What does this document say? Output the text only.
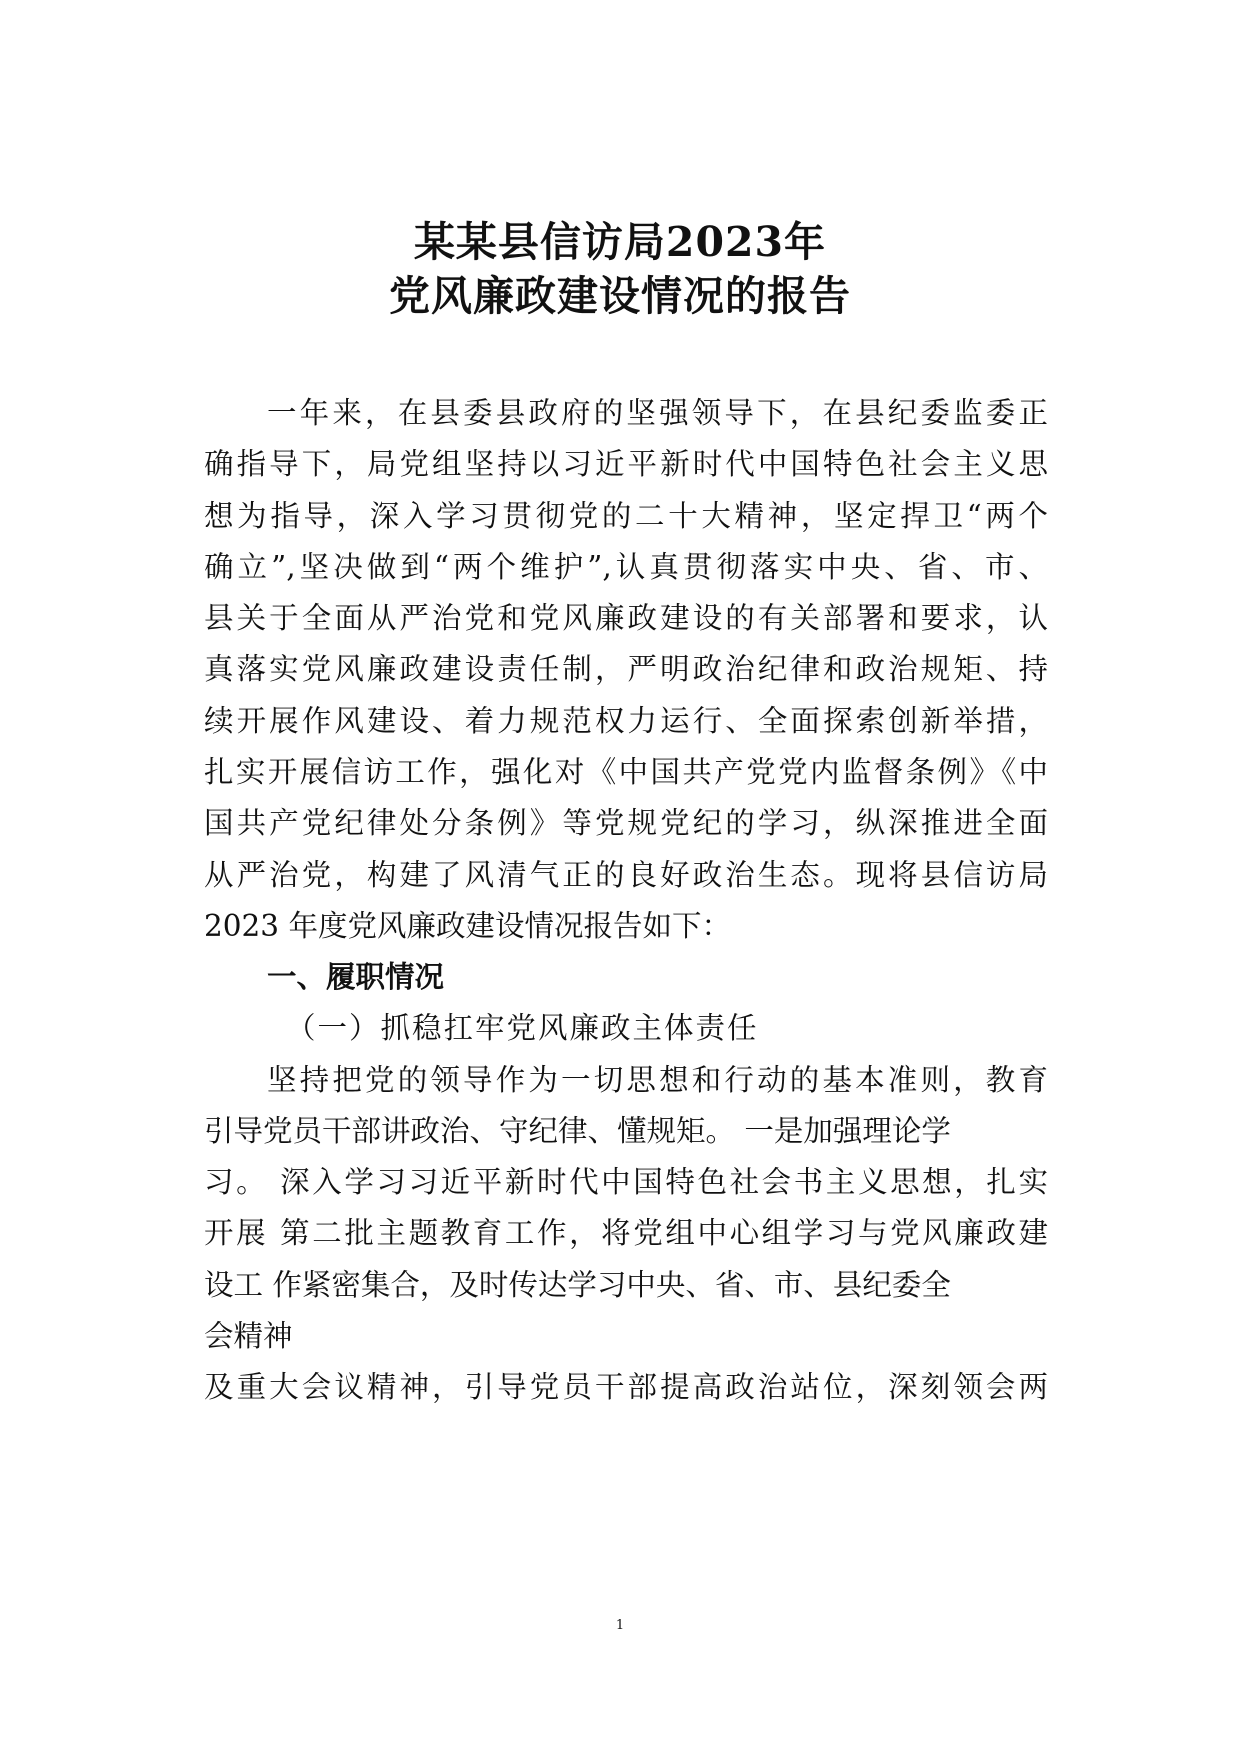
某某县信访局2023年
党风廉政建设情况的报告
一年来，在县委县政府的坚强领导下，在县纪委监委正
确指导下，局党组坚持以习近平新时代中国特色社会主义思
想为指导，深入学习贯彻党的二十大精神，坚定捍卫“两个
确立”,坚决做到“两个维护”,认真贯彻落实中央、省、市、
县关于全面从严治党和党风廉政建设的有关部署和要求，认
真落实党风廉政建设责任制，严明政治纪律和政治规矩、持
续开展作风建设、着力规范权力运行、全面探索创新举措，
扎实开展信访工作，强化对《中国共产党党内监督条例》《中
国共产党纪律处分条例》等党规党纪的学习，纵深推进全面
从严治党，构建了风清气正的良好政治生态。现将县信访局
2023 年度党风廉政建设情况报告如下：
一、履职情况
（一）抓稳扛牢党风廉政主体责任
坚持把党的领导作为一切思想和行动的基本准则，教育
引导党员干部讲政治、守纪律、懂规矩。 一是加强理论学
习。 深入学习习近平新时代中国特色社会书主义思想，扎实
开展 第二批主题教育工作，将党组中心组学习与党风廉政建
设工 作紧密集合，及时传达学习中央、省、市、县纪委全
会精神
及重大会议精神，引导党员干部提高政治站位，深刻领会两
1
